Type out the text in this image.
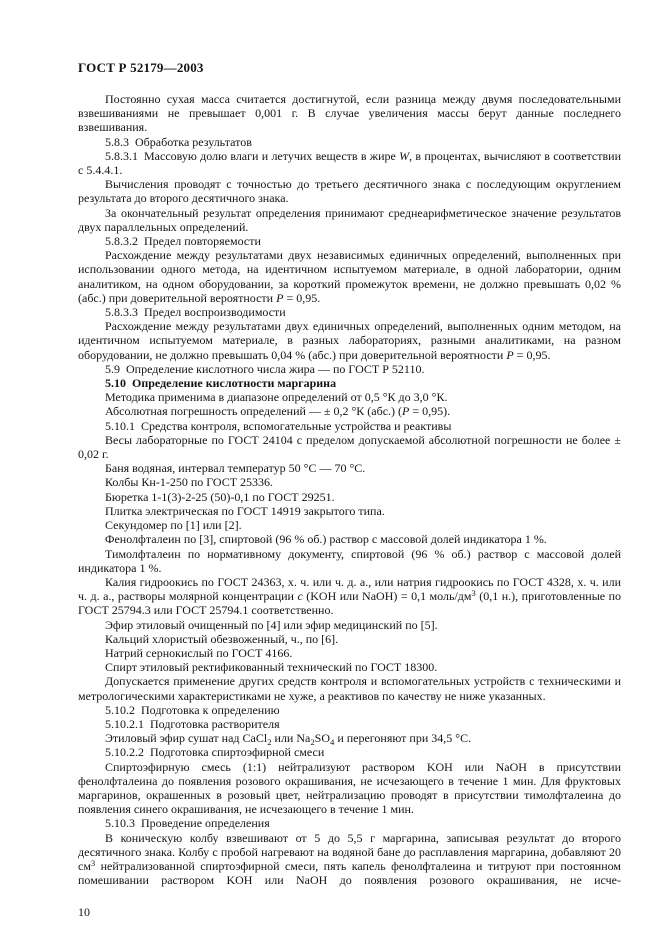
ГОСТ Р 52179—2003

Постоянно сухая масса считается достигнутой, если разница между двумя последовательными взвешиваниями не превышает 0,001 г. В случае увеличения массы берут данные последнего взвешивания.

5.8.3 Обработка результатов

5.8.3.1 Массовую долю влаги и летучих веществ в жире W, в процентах, вычисляют в соответствии с 5.4.4.1.

Вычисления проводят с точностью до третьего десятичного знака с последующим округлением результата до второго десятичного знака.

За окончательный результат определения принимают среднеарифметическое значение результатов двух параллельных определений.

5.8.3.2 Предел повторяемости

Расхождение между результатами двух независимых единичных определений, выполненных при использовании одного метода, на идентичном испытуемом материале, в одной лаборатории, одним аналитиком, на одном оборудовании, за короткий промежуток времени, не должно превышать 0,02 % (абс.) при доверительной вероятности P = 0,95.

5.8.3.3 Предел воспроизводимости

Расхождение между результатами двух единичных определений, выполненных одним методом, на идентичном испытуемом материале, в разных лабораториях, разными аналитиками, на разном оборудовании, не должно превышать 0,04 % (абс.) при доверительной вероятности P = 0,95.

5.9 Определение кислотного числа жира — по ГОСТ Р 52110.

5.10 Определение кислотности маргарина

Методика применима в диапазоне определений от 0,5 °К до 3,0 °К.

Абсолютная погрешность определений — ± 0,2 °К (абс.) (P = 0,95).

5.10.1 Средства контроля, вспомогательные устройства и реактивы

Весы лабораторные по ГОСТ 24104 с пределом допускаемой абсолютной погрешности не более ± 0,02 г.

Баня водяная, интервал температур 50 °С — 70 °С.

Колбы Кн-1-250 по ГОСТ 25336.

Бюретка 1-1(3)-2-25 (50)-0,1 по ГОСТ 29251.

Плитка электрическая по ГОСТ 14919 закрытого типа.

Секундомер по [1] или [2].

Фенолфталеин по [3], спиртовой (96 % об.) раствор с массовой долей индикатора 1 %.

Тимолфталеин по нормативному документу, спиртовой (96 % об.) раствор с массовой долей индикатора 1 %.

Калия гидроокись по ГОСТ 24363, х. ч. или ч. д. а., или натрия гидроокись по ГОСТ 4328, х. ч. или ч. д. а., растворы молярной концентрации c (KOH или NaOH) = 0,1 моль/$дм^3$ (0,1 н.), приготовленные по ГОСТ 25794.3 или ГОСТ 25794.1 соответственно.

Эфир этиловый очищенный по [4] или эфир медицинский по [5].

Кальций хлористый обезвоженный, ч., по [6].

Натрий сернокислый по ГОСТ 4166.

Спирт этиловый ректификованный технический по ГОСТ 18300.

Допускается применение других средств контроля и вспомогательных устройств с техническими и метрологическими характеристиками не хуже, а реактивов по качеству не ниже указанных.

5.10.2 Подготовка к определению

5.10.2.1 Подготовка растворителя

Этиловый эфир сушат над CaCl$_2$ или $Na_2SO_4$ и перегоняют при 34,5 °С.

5.10.2.2 Подготовка спиртоэфирной смеси

Спиртоэфирную смесь (1:1) нейтрализуют раствором KOH или NaOH в присутствии фенолфталеина до появления розового окрашивания, не исчезающего в течение 1 мин. Для фруктовых маргаринов, окрашенных в розовый цвет, нейтрализацию проводят в присутствии тимолфталеина до появления синего окрашивания, не исчезающего в течение 1 мин.

5.10.3 Проведение определения

В коническую колбу взвешивают от 5 до 5,5 г маргарина, записывая результат до второго десятичного знака. Колбу с пробой нагревают на водяной бане до расплавления маргарина, добавляют 20 $см^3$ нейтрализованной спиртоэфирной смеси, пять капель фенолфталеина и титруют при постоянном помешивании раствором KOH или NaOH до появления розового окрашивания, не исче-

10
